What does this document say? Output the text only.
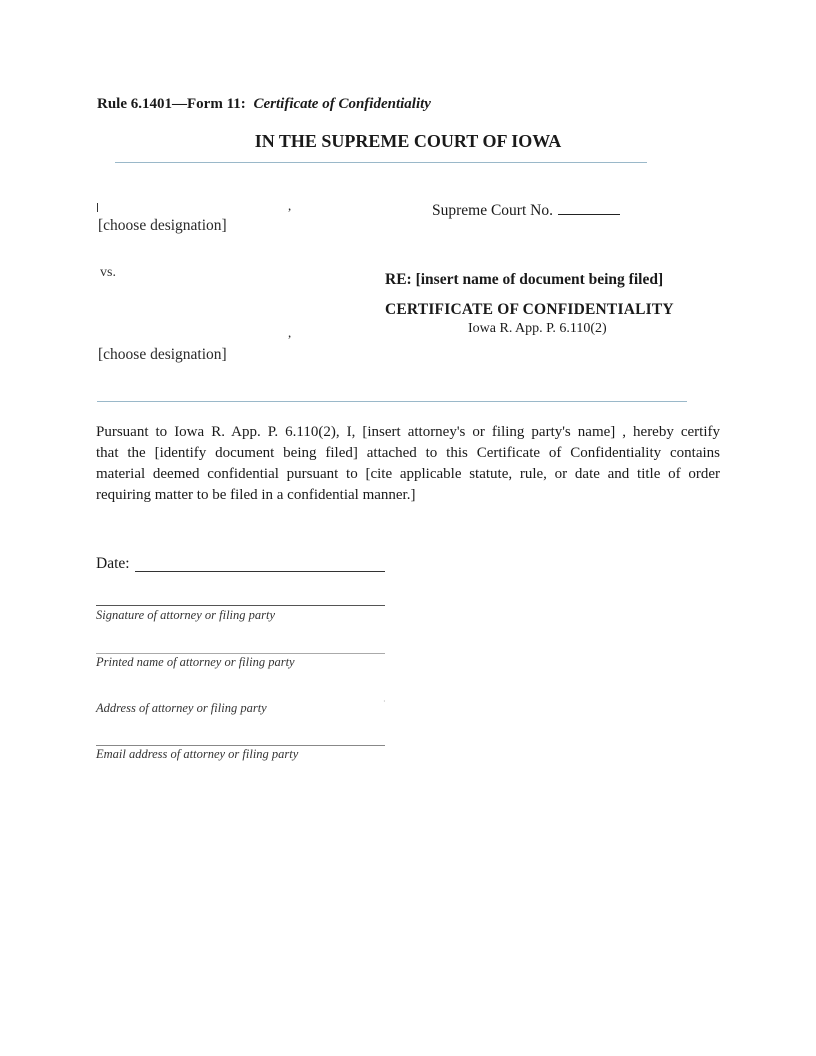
Rule 6.1401—Form 11: Certificate of Confidentiality
IN THE SUPREME COURT OF IOWA
,
[choose designation]
Supreme Court No.
vs.	RE: [insert name of document being filed]
CERTIFICATE OF CONFIDENTIALITY
Iowa R. App. P. 6.110(2)
,
[choose designation]
Pursuant to Iowa R. App. P. 6.110(2), I, [insert attorney's or filing party's name] , hereby certify
that the [identify document being filed] attached to this Certificate of Confidentiality contains
material deemed confidential pursuant to [cite applicable statute, rule, or date and title of order
requiring matter to be filed in a confidential manner.]
Date:
Signature of attorney or filing party
Printed name of attorney or filing party
·
Address of attorney or filing party
Email address of attorney or filing party
